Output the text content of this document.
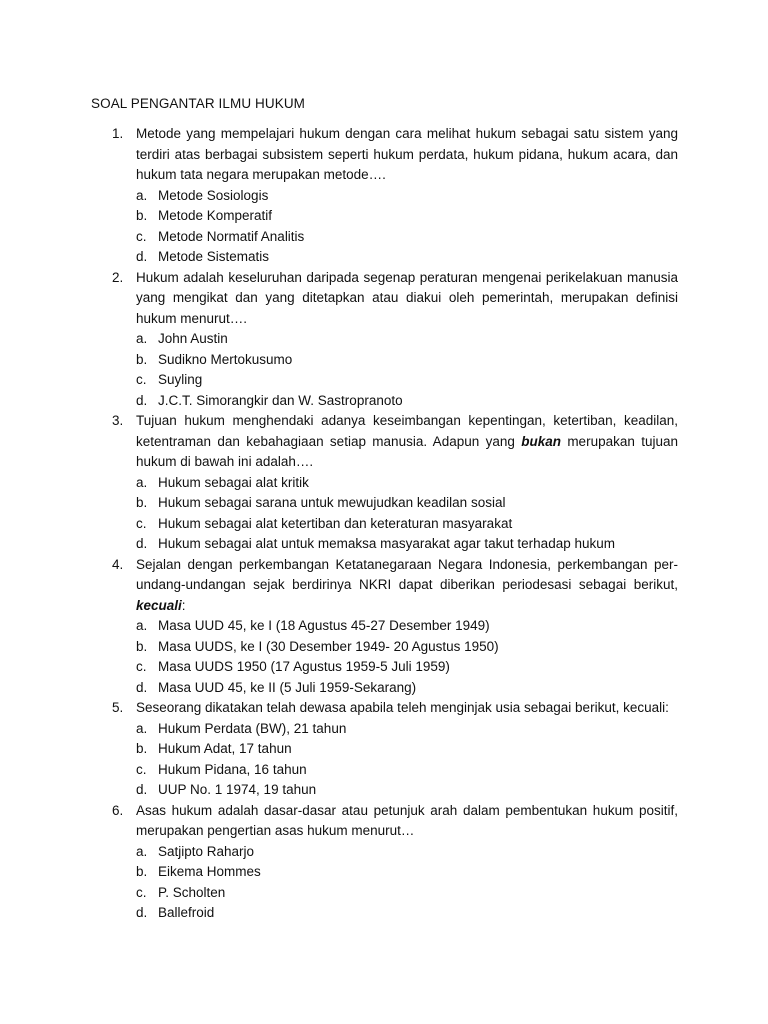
SOAL PENGANTAR ILMU HUKUM
1. Metode yang mempelajari hukum dengan cara melihat hukum sebagai satu sistem yang terdiri atas berbagai subsistem seperti hukum perdata, hukum pidana, hukum acara, dan hukum tata negara merupakan metode….
a. Metode Sosiologis
b. Metode Komperatif
c. Metode Normatif Analitis
d. Metode Sistematis
2. Hukum adalah keseluruhan daripada segenap peraturan mengenai perikelakuan manusia yang mengikat dan yang ditetapkan atau diakui oleh pemerintah, merupakan definisi hukum menurut….
a. John Austin
b. Sudikno Mertokusumo
c. Suyling
d. J.C.T. Simorangkir dan W. Sastropranoto
3. Tujuan hukum menghendaki adanya keseimbangan kepentingan, ketertiban, keadilan, ketentraman dan kebahagiaan setiap manusia. Adapun yang bukan merupakan tujuan hukum di bawah ini adalah….
a. Hukum sebagai alat kritik
b. Hukum sebagai sarana untuk mewujudkan keadilan sosial
c. Hukum sebagai alat ketertiban dan keteraturan masyarakat
d. Hukum sebagai alat untuk memaksa masyarakat agar takut terhadap hukum
4. Sejalan dengan perkembangan Ketatanegaraan Negara Indonesia, perkembangan per-undang-undangan sejak berdirinya NKRI dapat diberikan periodesasi sebagai berikut, kecuali:
a. Masa UUD 45, ke I (18 Agustus 45-27 Desember 1949)
b. Masa UUDS, ke I (30 Desember 1949- 20 Agustus 1950)
c. Masa UUDS 1950 (17 Agustus 1959-5 Juli 1959)
d. Masa UUD 45, ke II (5 Juli 1959-Sekarang)
5. Seseorang dikatakan telah dewasa apabila teleh menginjak usia sebagai berikut, kecuali:
a. Hukum Perdata (BW), 21 tahun
b. Hukum Adat, 17 tahun
c. Hukum Pidana, 16 tahun
d. UUP No. 1 1974, 19 tahun
6. Asas hukum adalah dasar-dasar atau petunjuk arah dalam pembentukan hukum positif, merupakan pengertian asas hukum menurut…
a. Satjipto Raharjo
b. Eikema Hommes
c. P. Scholten
d. Ballefroid
